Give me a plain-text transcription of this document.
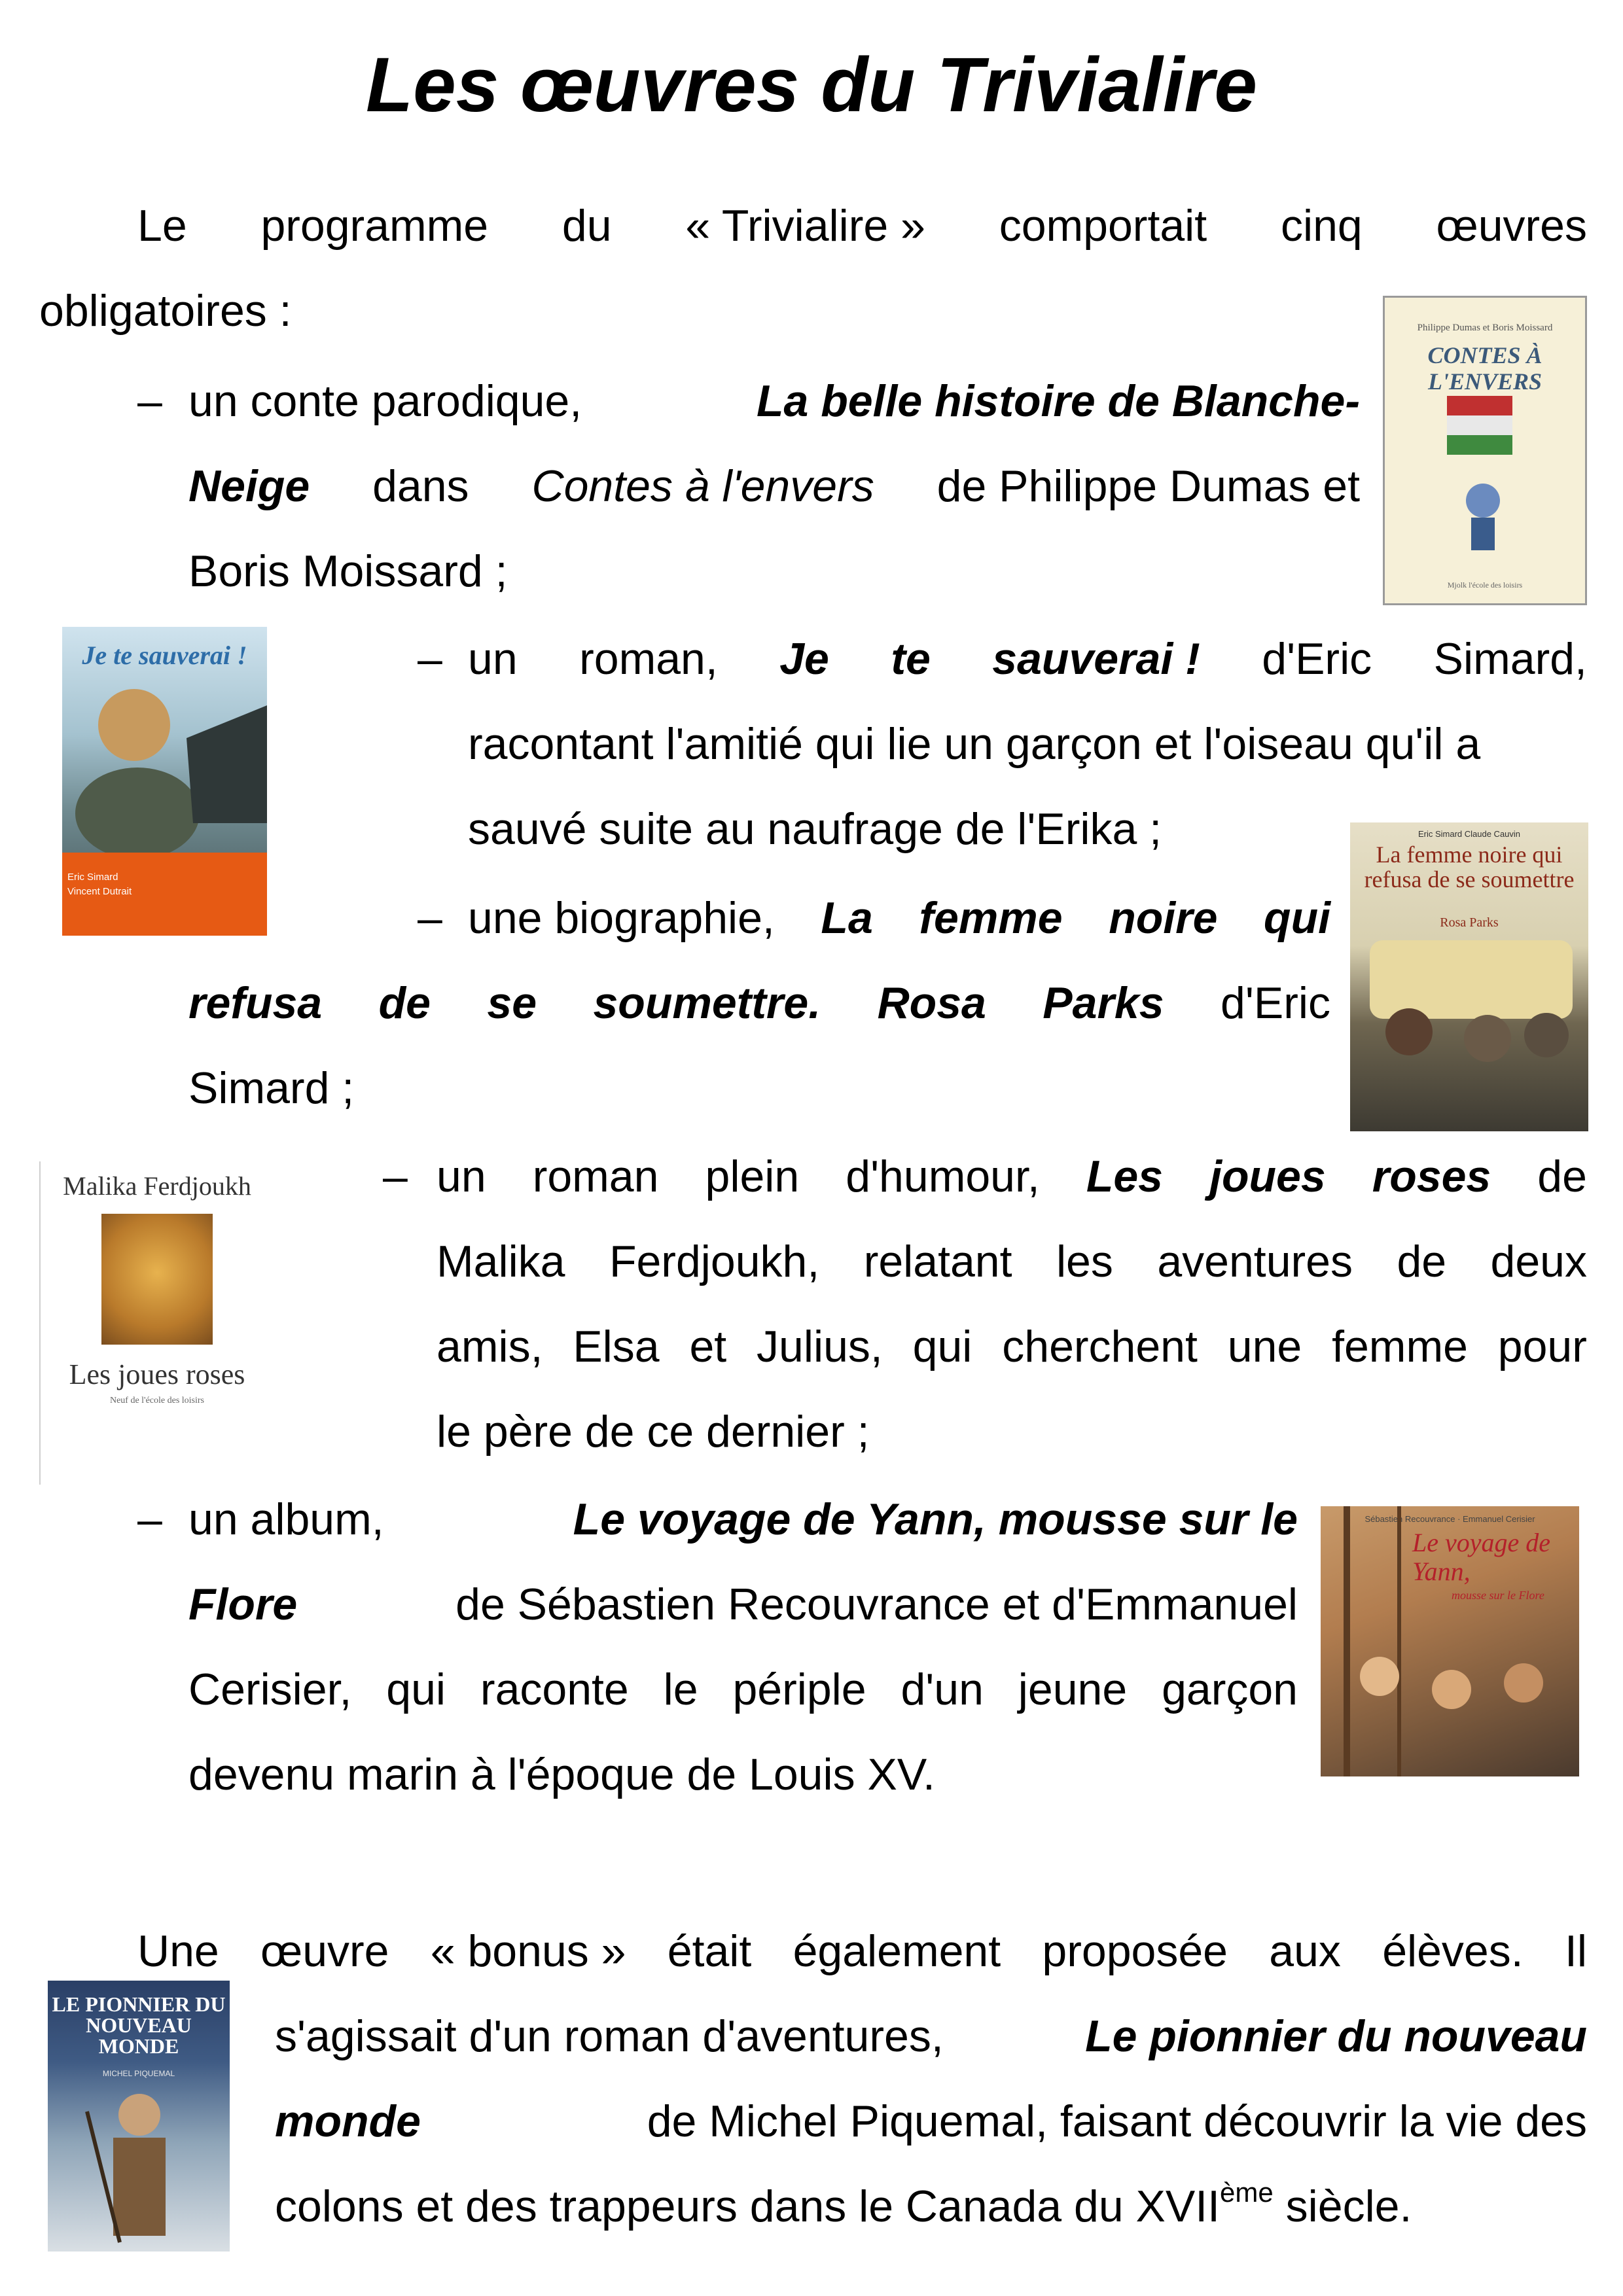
Les œuvres du Trivialire
Le programme du « Trivialire » comportait cinq œuvres
obligatoires :
– un conte parodique,	La belle histoire de Blanche-
Neige dans Contes à l'envers de Philippe Dumas et
Boris Moissard ;
– un roman, Je te sauverai ! d'Eric Simard,
racontant l'amitié qui lie un garçon et l'oiseau qu'il a
sauvé suite au naufrage de l'Erika ;
– une biographie, La femme noire qui
refusa de se soumettre. Rosa Parks d'Eric
Simard ;
– un roman plein d'humour, Les joues roses de
Malika Ferdjoukh, relatant les aventures de deux
amis, Elsa et Julius, qui cherchent une femme pour
le père de ce dernier ;
– un album,	Le voyage de Yann, mousse sur le
Flore	de Sébastien Recouvrance et d'Emmanuel
Cerisier, qui raconte le périple d'un jeune garçon
devenu marin à l'époque de Louis XV.
Une œuvre « bonus » était également proposée aux élèves. Il
s'agissait d'un roman d'aventures,	Le pionnier du nouveau
monde	de Michel Piquemal, faisant découvrir la vie des
colons et des trappeurs dans le Canada du XVIIème siècle.
Philippe Dumas et Boris Moissard
CONTES À L'ENVERS
Mjolk l'école des loisirs
Je te sauverai !
Eric Simard
Vincent Dutrait
Eric Simard Claude Cauvin
La femme noire qui refusa de se soumettre
Rosa Parks
Malika Ferdjoukh
Les joues roses
Neuf de l'école des loisirs
Sébastien Recouvrance · Emmanuel Cerisier
Le voyage de Yann,
mousse sur le Flore
LE PIONNIER DU NOUVEAU MONDE
MICHEL PIQUEMAL
